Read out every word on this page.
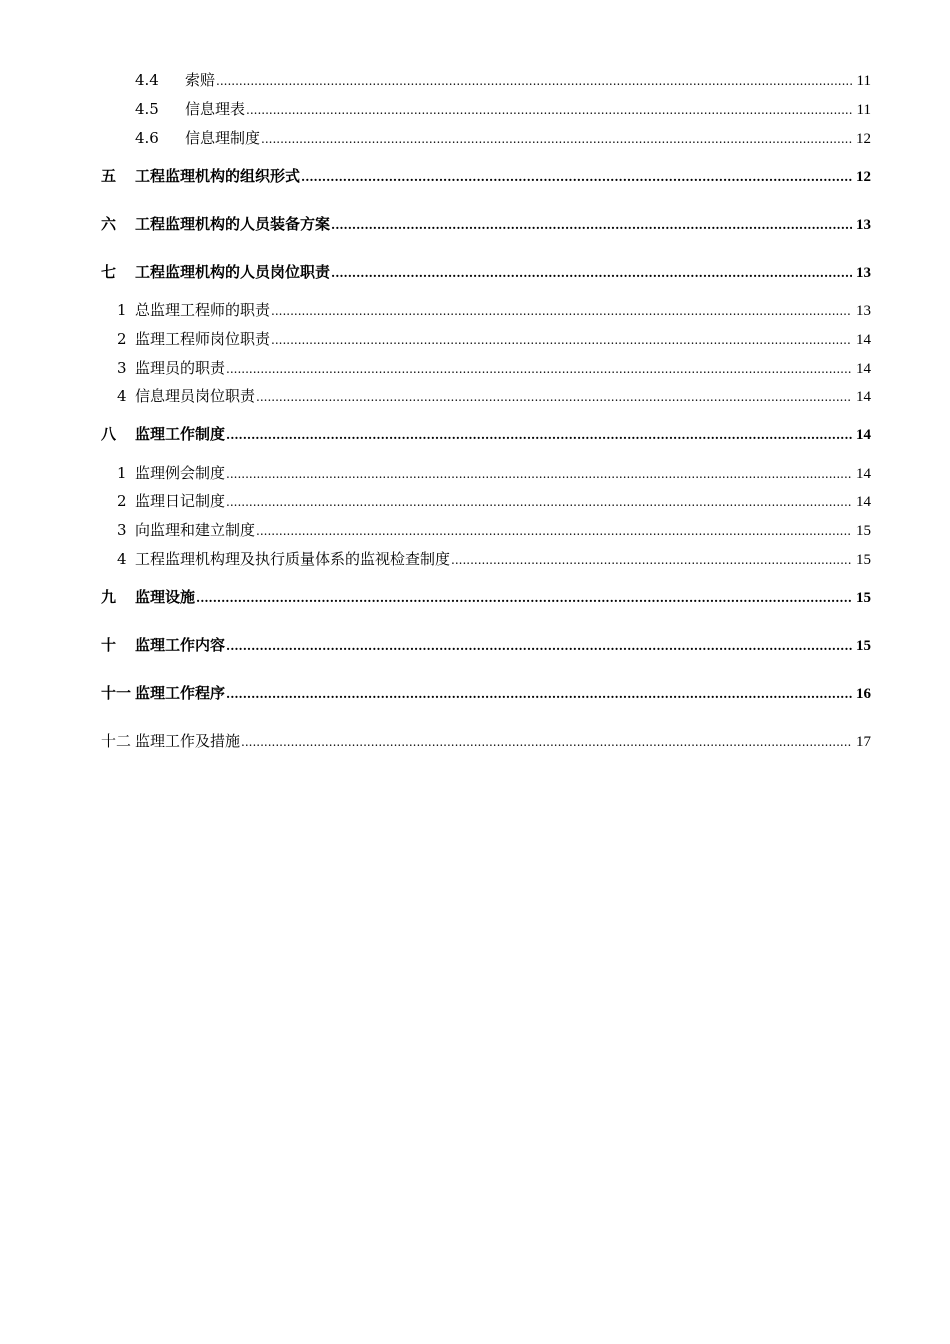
4.4	索赔 .....	11
4.5	信息理表 .....	11
4.6	信息理制度 .....	12
五	工程监理机构的组织形式 .....	12
六	工程监理机构的人员装备方案 .....	13
七	工程监理机构的人员岗位职责 .....	13
1 总监理工程师的职责 .....	13
2 监理工程师岗位职责 .....	14
3 监理员的职责 .....	14
4 信息理员岗位职责 .....	14
八	监理工作制度 .....	14
1 监理例会制度 .....	14
2 监理日记制度 .....	14
3 向监理和建立制度 .....	15
4 工程监理机构理及执行质量体系的监视检查制度 .....	15
九	监理设施 .....	15
十	监理工作内容 .....	15
十一 监理工作程序 .....	16
十二 监理工作及措施 .....	17
